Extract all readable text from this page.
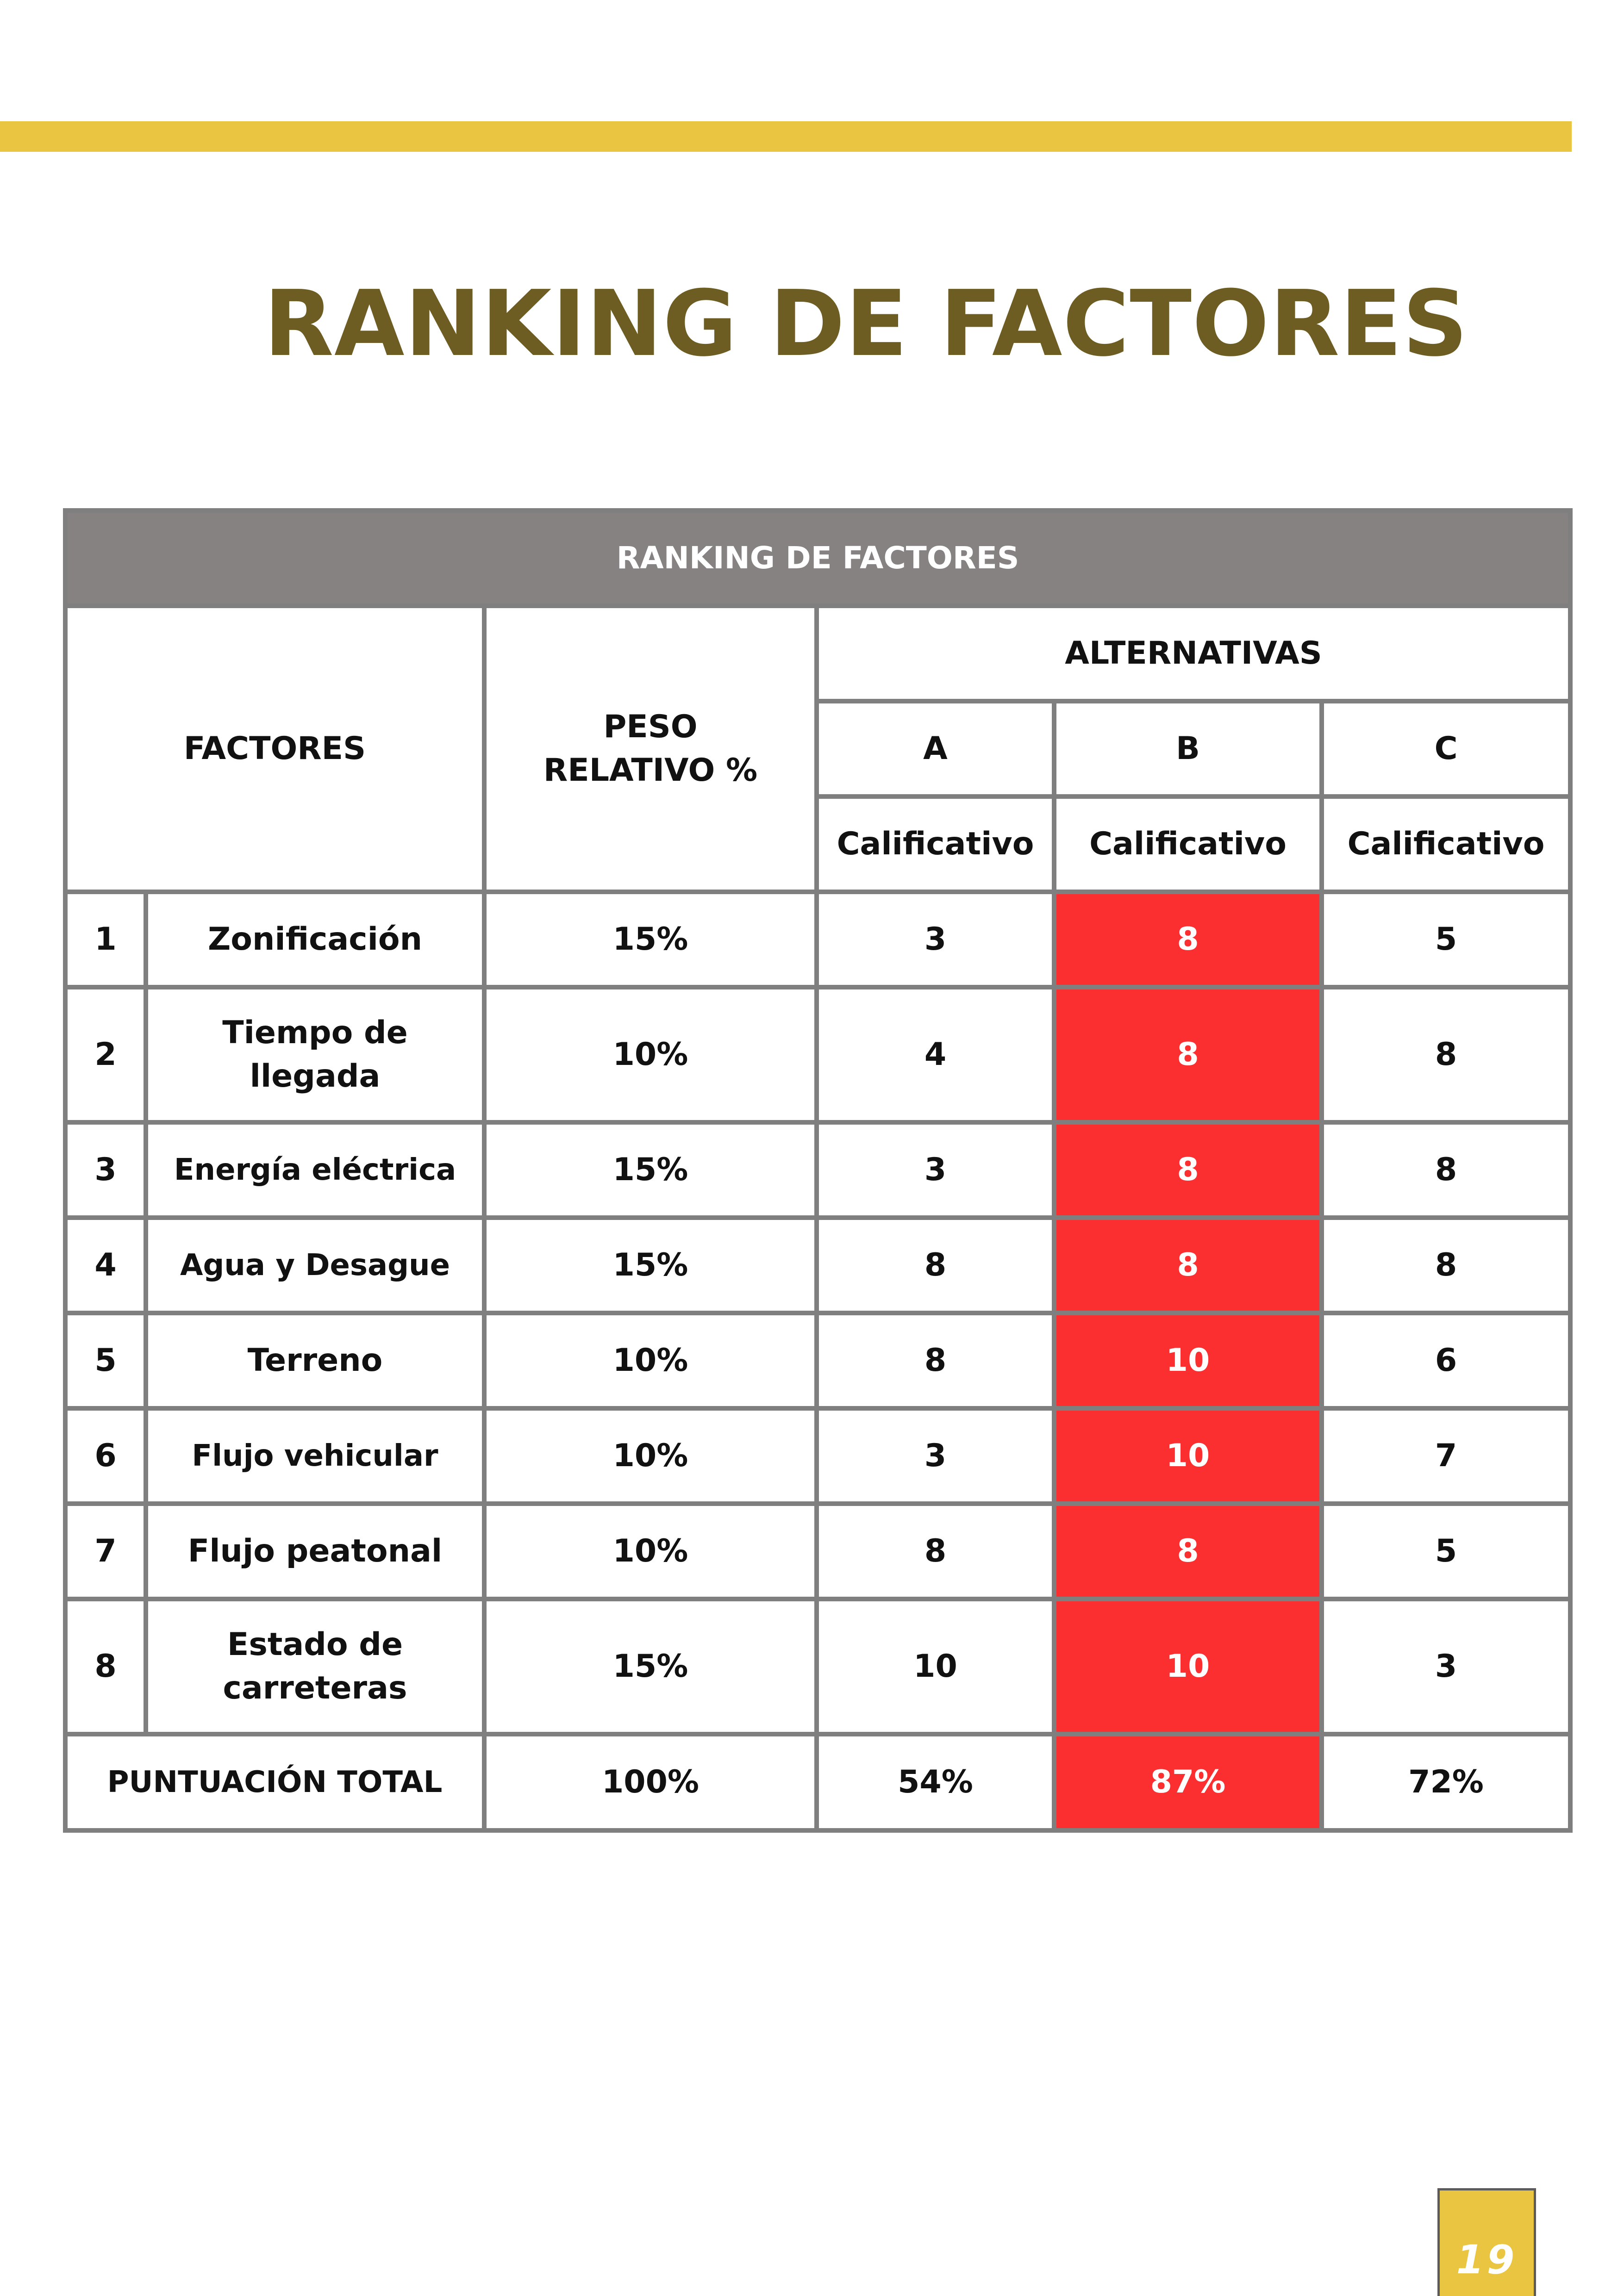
RANKING DE FACTORES
RANKING DE FACTORES					
FACTORES		PESO RELATIVO %	ALTERNATIVAS		
			A	B	C
			Calificativo	Calificativo	Calificativo
1	Zonificación	15%	3	8	5
2	Tiempo de llegada	10%	4	8	8
3	Energía eléctrica	15%	3	8	8
4	Agua y Desague	15%	8	8	8
5	Terreno	10%	8	10	6
6	Flujo vehicular	10%	3	10	7
7	Flujo peatonal	10%	8	8	5
8	Estado de carreteras	15%	10	10	3
PUNTUACIÓN TOTAL		100%	54%	87%	72%
19
